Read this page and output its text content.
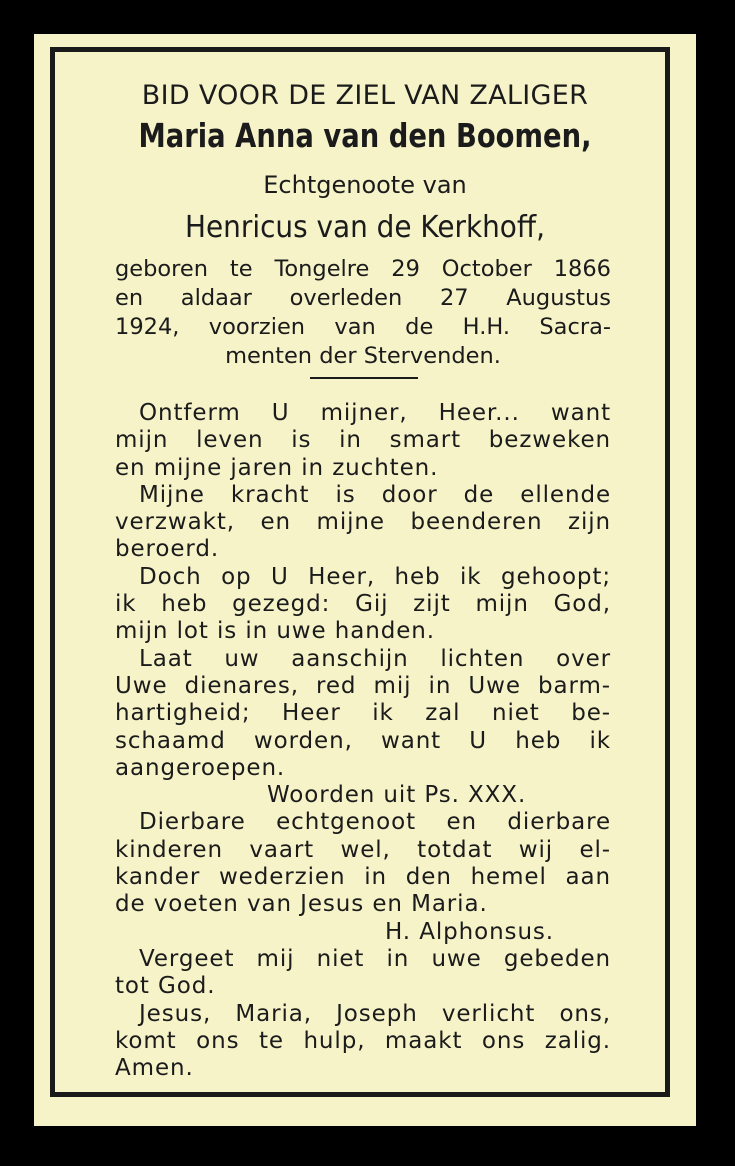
BID VOOR DE ZIEL VAN ZALIGER
Maria Anna van den Boomen,
Echtgenoote van
Henricus van de Kerkhoff,
geboren te Tongelre 29 October 1866
en aldaar overleden 27 Augustus
1924, voorzien van de H.H. Sacra-
menten der Stervenden.
Ontferm U mijner, Heer... want
mijn leven is in smart bezweken
en mijne jaren in zuchten.
Mijne kracht is door de ellende
verzwakt, en mijne beenderen zijn
beroerd.
Doch op U Heer, heb ik gehoopt;
ik heb gezegd: Gij zijt mijn God,
mijn lot is in uwe handen.
Laat uw aanschijn lichten over
Uwe dienares, red mij in Uwe barm-
hartigheid; Heer ik zal niet be-
schaamd worden, want U heb ik
aangeroepen.
Woorden uit Ps. XXX.
Dierbare echtgenoot en dierbare
kinderen vaart wel, totdat wij el-
kander wederzien in den hemel aan
de voeten van Jesus en Maria.
H. Alphonsus.
Vergeet mij niet in uwe gebeden
tot God.
Jesus, Maria, Joseph verlicht ons,
komt ons te hulp, maakt ons zalig.
Amen.
